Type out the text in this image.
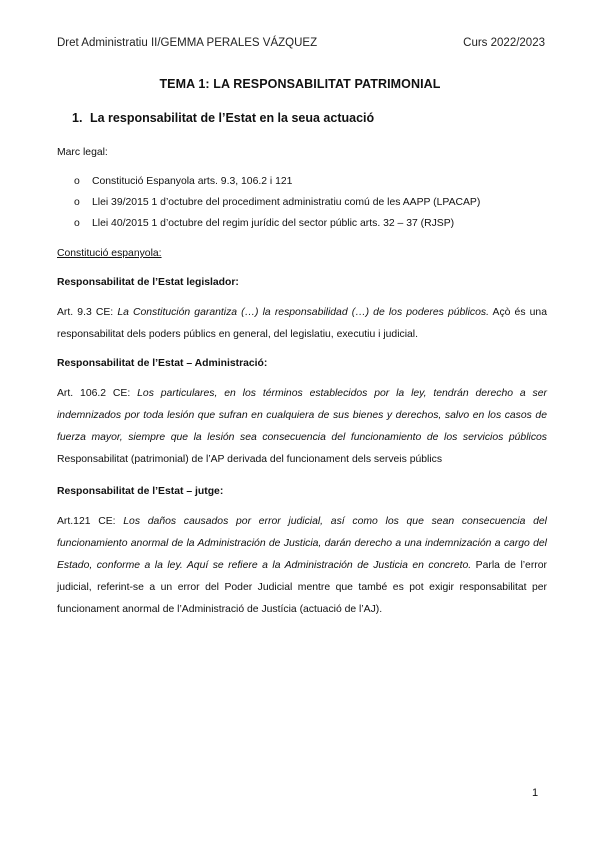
Dret Administratiu II/GEMMA PERALES VÁZQUEZ	Curs 2022/2023
TEMA 1: LA RESPONSABILITAT PATRIMONIAL
1. La responsabilitat de l’Estat en la seua actuació
Marc legal:
o Constitució Espanyola arts. 9.3, 106.2 i 121
o Llei 39/2015 1 d’octubre del procediment administratiu comú de les AAPP (LPACAP)
o Llei 40/2015 1 d’octubre del regim jurídic del sector públic arts. 32 – 37 (RJSP)
Constitució espanyola:
Responsabilitat de l’Estat legislador:
Art. 9.3 CE: La Constitución garantiza (…) la responsabilidad (…) de los poderes públicos. Açò és una responsabilitat dels poders públics en general, del legislatiu, executiu i judicial.
Responsabilitat de l’Estat – Administració:
Art. 106.2 CE: Los particulares, en los términos establecidos por la ley, tendrán derecho a ser indemnizados por toda lesión que sufran en cualquiera de sus bienes y derechos, salvo en los casos de fuerza mayor, siempre que la lesión sea consecuencia del funcionamiento de los servicios públicos Responsabilitat (patrimonial) de l’AP derivada del funcionament dels serveis públics
Responsabilitat de l’Estat – jutge:
Art.121 CE: Los daños causados por error judicial, así como los que sean consecuencia del funcionamiento anormal de la Administración de Justicia, darán derecho a una indemnización a cargo del Estado, conforme a la ley. Aquí se refiere a la Administración de Justicia en concreto. Parla de l’error judicial, referint-se a un error del Poder Judicial mentre que també es pot exigir responsabilitat per funcionament anormal de l’Administració de Justícia (actuació de l’AJ).
1
